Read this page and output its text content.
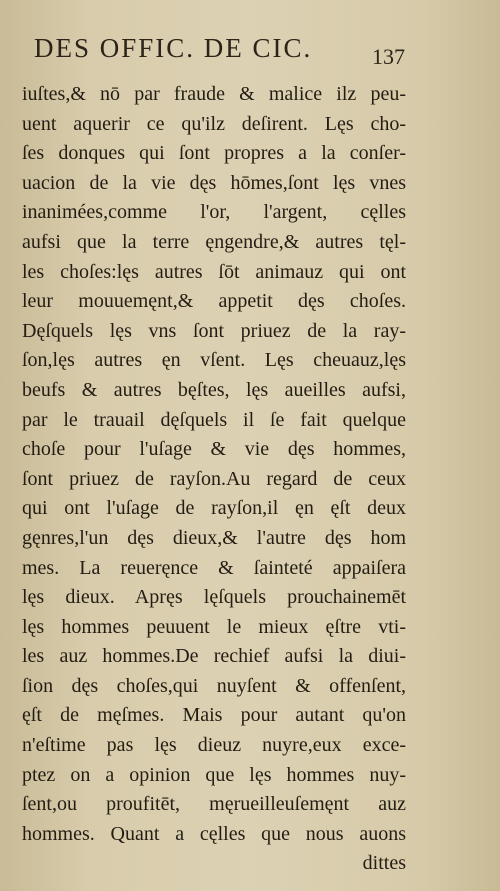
DES OFFIC. DE CIC.	137
iuſtes,& nō par fraude & malice ilz peu-
uent aquerir ce qu'ilz deſirent. Lęs cho-
ſes donques qui ſont propres a la conſer-
uacion de la vie dęs hōmes,ſont lęs vnes
inanimées,comme l'or, l'argent, cęlles
aufsi que la terre ęngendre,& autres tęl-
les choſes:lęs autres ſōt animauz qui ont
leur mouuemęnt,& appetit dęs choſes.
Dęſquels lęs vns ſont priuez de la ray-
ſon,lęs autres ęn vſent. Lęs cheuauz,lęs
beufs & autres bęſtes, lęs aueilles aufsi,
par le trauail dęſquels il ſe fait quelque
choſe pour l'uſage & vie dęs hommes,
ſont priuez de rayſon.Au regard de ceux
qui ont l'uſage de rayſon,il ęn ęſt deux
gęnres,l'un dęs dieux,& l'autre dęs hom
mes. La reueręnce & ſainteté appaiſera
lęs dieux. Apręs lęſquels prouchainemēt
lęs hommes peuuent le mieux ęſtre vti-
les auz hommes.De rechief aufsi la diui-
ſion dęs choſes,qui nuyſent & offenſent,
ęſt de męſmes. Mais pour autant qu'on
n'eſtime pas lęs dieuz nuyre,eux exce-
ptez on a opinion que lęs hommes nuy-
ſent,ou proufitēt, męrueilleuſemęnt auz
hommes. Quant a cęlles que nous auons
dittes
